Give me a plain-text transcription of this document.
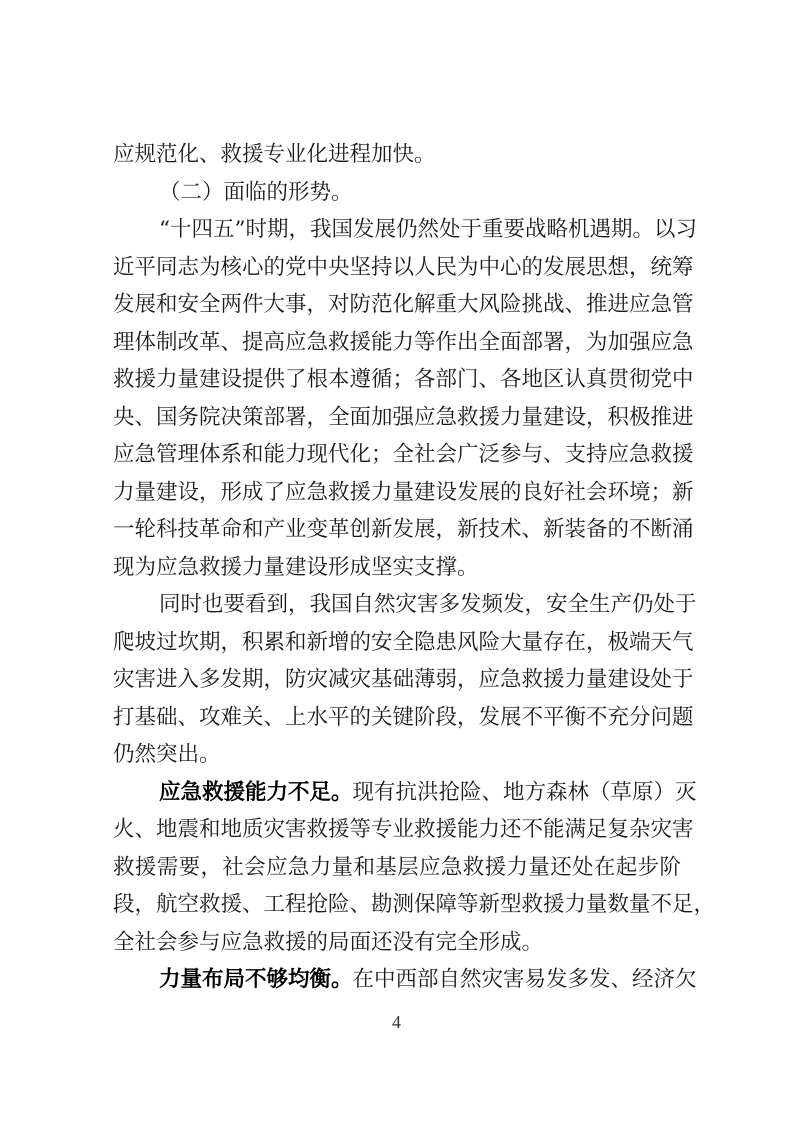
应规范化、救援专业化进程加快。
（二）面临的形势。
“十四五”时期，我国发展仍然处于重要战略机遇期。以习
近平同志为核心的党中央坚持以人民为中心的发展思想，统筹
发展和安全两件大事，对防范化解重大风险挑战、推进应急管
理体制改革、提高应急救援能力等作出全面部署，为加强应急
救援力量建设提供了根本遵循；各部门、各地区认真贯彻党中
央、国务院决策部署，全面加强应急救援力量建设，积极推进
应急管理体系和能力现代化；全社会广泛参与、支持应急救援
力量建设，形成了应急救援力量建设发展的良好社会环境；新
一轮科技革命和产业变革创新发展，新技术、新装备的不断涌
现为应急救援力量建设形成坚实支撑。
同时也要看到，我国自然灾害多发频发，安全生产仍处于
爬坡过坎期，积累和新增的安全隐患风险大量存在，极端天气
灾害进入多发期，防灾减灾基础薄弱，应急救援力量建设处于
打基础、攻难关、上水平的关键阶段，发展不平衡不充分问题
仍然突出。
应急救援能力不足。现有抗洪抢险、地方森林（草原）灭
火、地震和地质灾害救援等专业救援能力还不能满足复杂灾害
救援需要，社会应急力量和基层应急救援力量还处在起步阶
段，航空救援、工程抢险、勘测保障等新型救援力量数量不足，
全社会参与应急救援的局面还没有完全形成。
力量布局不够均衡。在中西部自然灾害易发多发、经济欠
4
